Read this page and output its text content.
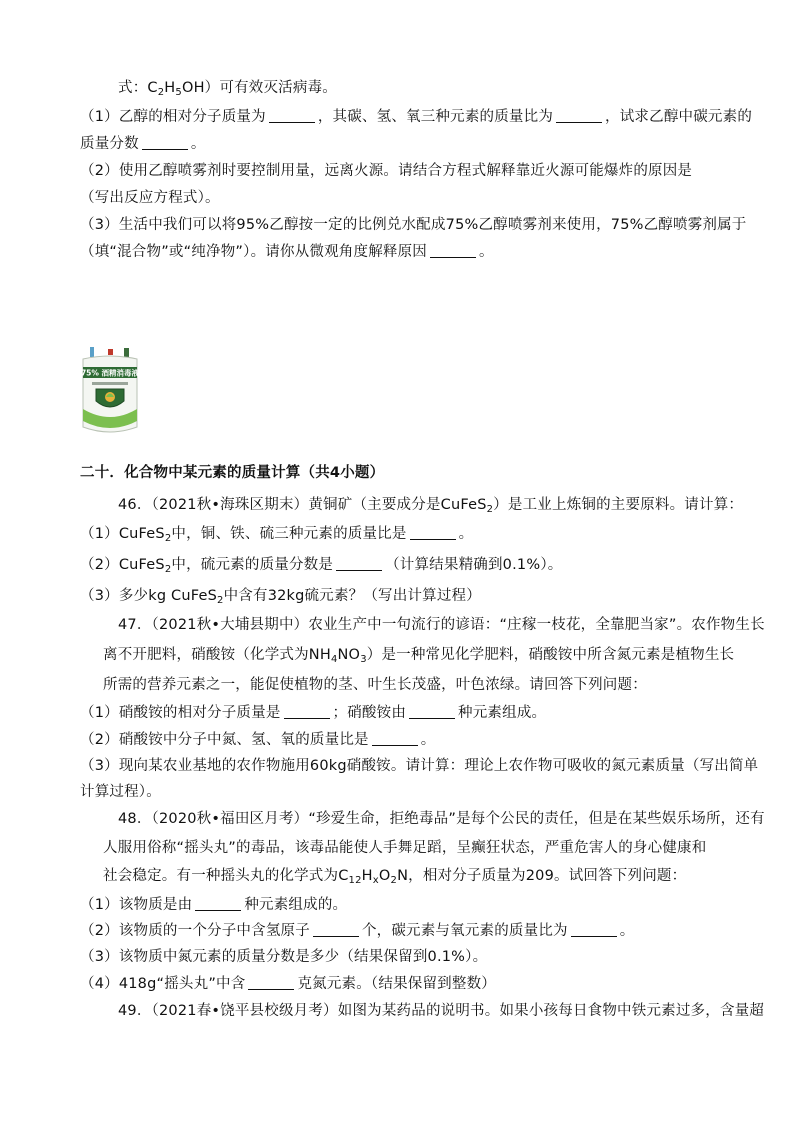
式：$C_2H_5OH$）可有效灭活病毒。
（1）乙醇的相对分子质量为	，其碳、氢、氧三种元素的质量比为	，试求乙醇中碳元素的
质量分数	。
（2）使用乙醇喷雾剂时要控制用量，远离火源。请结合方程式解释靠近火源可能爆炸的原因是
（写出反应方程式）。
（3）生活中我们可以将95%乙醇按一定的比例兑水配成75%乙醇喷雾剂来使用，75%乙醇喷雾剂属于
（填“混合物”或“纯净物”）。请你从微观角度解释原因	。
75% 酒精消毒液
二十．化合物中某元素的质量计算（共4小题）
46．（2021秋•海珠区期末）黄铜矿（主要成分是CuFeS$_2$）是工业上炼铜的主要原料。请计算：
（1）CuFeS$_2$中，铜、铁、硫三种元素的质量比是	。
（2）CuFeS$_2$中，硫元素的质量分数是	（计算结果精确到0.1%）。
（3）多少kg CuFeS$_2$中含有32kg硫元素？（写出计算过程）
47．（2021秋•大埔县期中）农业生产中一句流行的谚语：“庄稼一枝花，全靠肥当家”。农作物生长
离不开肥料，硝酸铵（化学式为$NH_4NO_3$）是一种常见化学肥料，硝酸铵中所含氮元素是植物生长
所需的营养元素之一，能促使植物的茎、叶生长茂盛，叶色浓绿。请回答下列问题：
（1）硝酸铵的相对分子质量是	；硝酸铵由	种元素组成。
（2）硝酸铵中分子中氮、氢、氧的质量比是	。
（3）现向某农业基地的农作物施用60kg硝酸铵。请计算：理论上农作物可吸收的氮元素质量（写出简单
计算过程）。
48．（2020秋•福田区月考）“珍爱生命，拒绝毒品”是每个公民的责任，但是在某些娱乐场所，还有
人服用俗称“摇头丸”的毒品，该毒品能使人手舞足蹈，呈癫狂状态，严重危害人的身心健康和
社会稳定。有一种摇头丸的化学式为$C_{12}H_xO_2N$，相对分子质量为209。试回答下列问题：
（1）该物质是由	种元素组成的。
（2）该物质的一个分子中含氢原子	个，碳元素与氧元素的质量比为	。
（3）该物质中氮元素的质量分数是多少（结果保留到0.1%）。
（4）418g“摇头丸”中含	克氮元素。（结果保留到整数）
49．（2021春•饶平县校级月考）如图为某药品的说明书。如果小孩每日食物中铁元素过多，含量超
